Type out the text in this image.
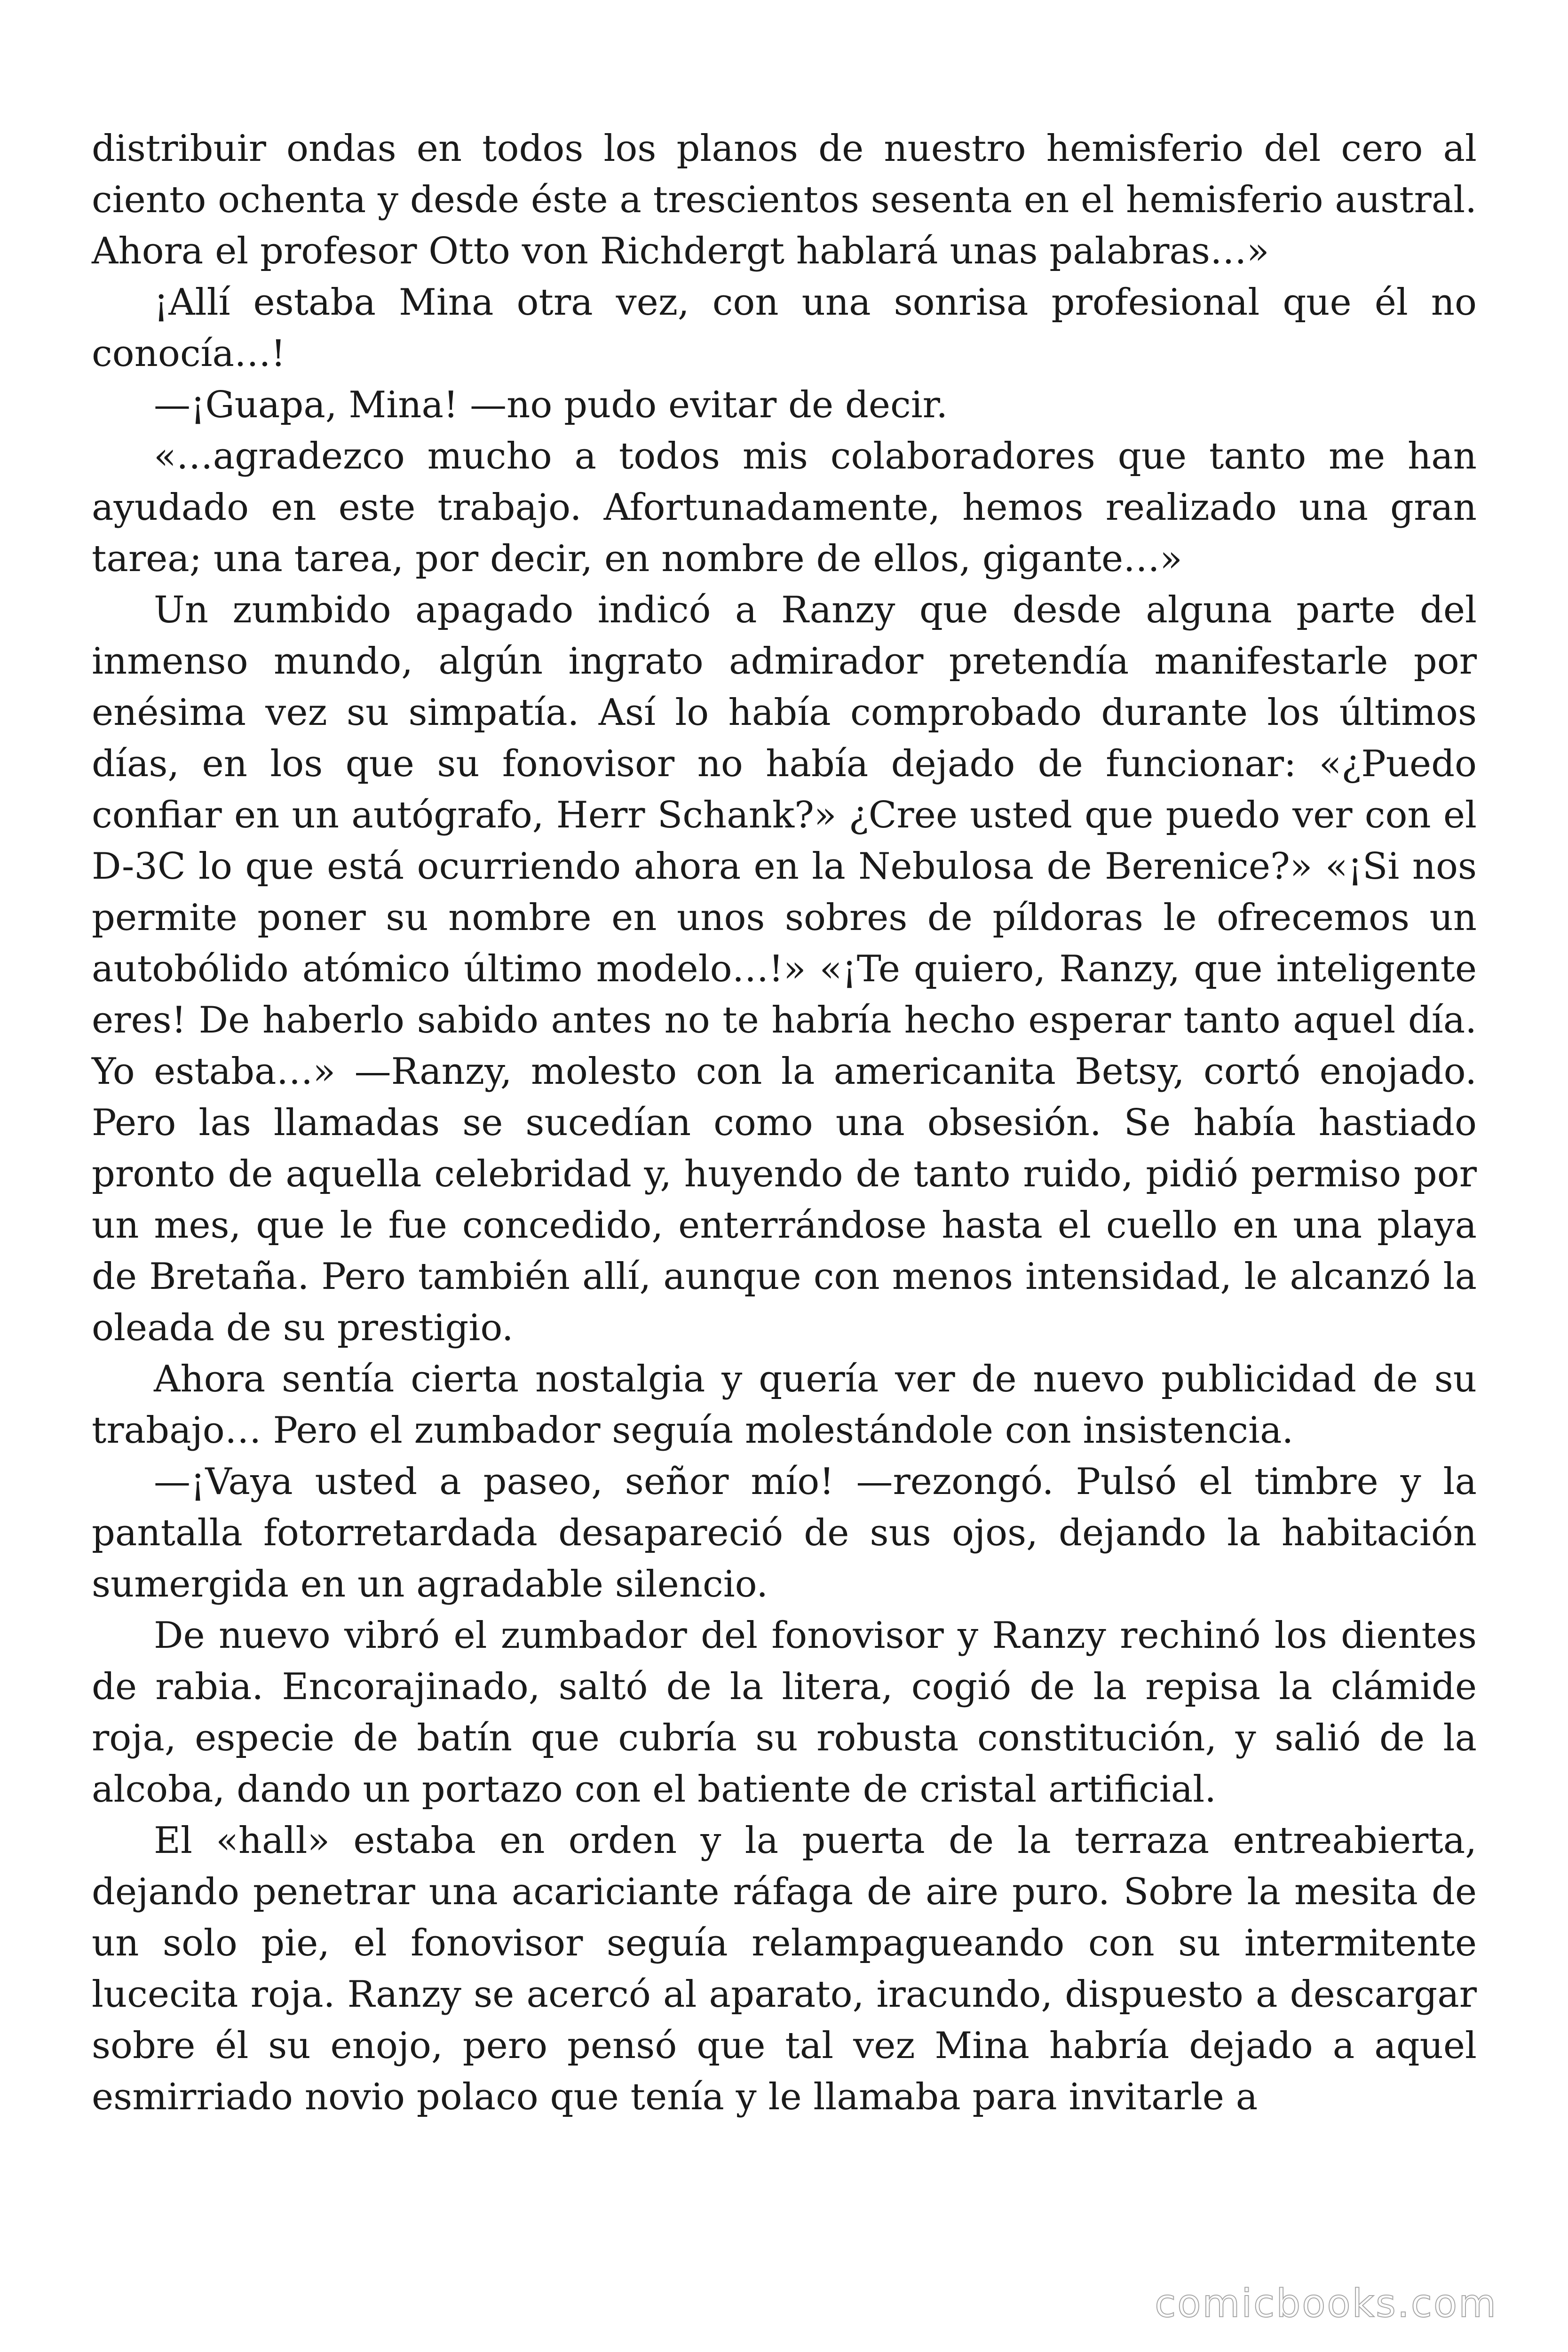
distribuir ondas en todos los planos de nuestro hemisferio del cero al ciento ochenta y desde éste a trescientos sesenta en el hemisferio austral. Ahora el profesor Otto von Richdergt hablará unas palabras…»

¡Allí estaba Mina otra vez, con una sonrisa profesional que él no conocía…!

—¡Guapa, Mina! —no pudo evitar de decir.

«…agradezco mucho a todos mis colaboradores que tanto me han ayudado en este trabajo. Afortunadamente, hemos realizado una gran tarea; una tarea, por decir, en nombre de ellos, gigante…»

Un zumbido apagado indicó a Ranzy que desde alguna parte del inmenso mundo, algún ingrato admirador pretendía manifestarle por enésima vez su simpatía. Así lo había comprobado durante los últimos días, en los que su fonovisor no había dejado de funcionar: «¿Puedo confiar en un autógrafo, Herr Schank?» ¿Cree usted que puedo ver con el D-3C lo que está ocurriendo ahora en la Nebulosa de Berenice?» «¡Si nos permite poner su nombre en unos sobres de píldoras le ofrecemos un autobólido atómico último modelo…!» «¡Te quiero, Ranzy, que inteligente eres! De haberlo sabido antes no te habría hecho esperar tanto aquel día. Yo estaba…» —Ranzy, molesto con la americanita Betsy, cortó enojado. Pero las llamadas se sucedían como una obsesión. Se había hastiado pronto de aquella celebridad y, huyendo de tanto ruido, pidió permiso por un mes, que le fue concedido, enterrándose hasta el cuello en una playa de Bretaña. Pero también allí, aunque con menos intensidad, le alcanzó la oleada de su prestigio.

Ahora sentía cierta nostalgia y quería ver de nuevo publicidad de su trabajo… Pero el zumbador seguía molestándole con insistencia.

—¡Vaya usted a paseo, señor mío! —rezongó. Pulsó el timbre y la pantalla fotorretardada desapareció de sus ojos, dejando la habitación sumergida en un agradable silencio.

De nuevo vibró el zumbador del fonovisor y Ranzy rechinó los dientes de rabia. Encorajinado, saltó de la litera, cogió de la repisa la clámide roja, especie de batín que cubría su robusta constitución, y salió de la alcoba, dando un portazo con el batiente de cristal artificial.

El «hall» estaba en orden y la puerta de la terraza entreabierta, dejando penetrar una acariciante ráfaga de aire puro. Sobre la mesita de un solo pie, el fonovisor seguía relampagueando con su intermitente lucecita roja. Ranzy se acercó al aparato, iracundo, dispuesto a descargar sobre él su enojo, pero pensó que tal vez Mina habría dejado a aquel esmirriado novio polaco que tenía y le llamaba para invitarle a

comicbooks.com
